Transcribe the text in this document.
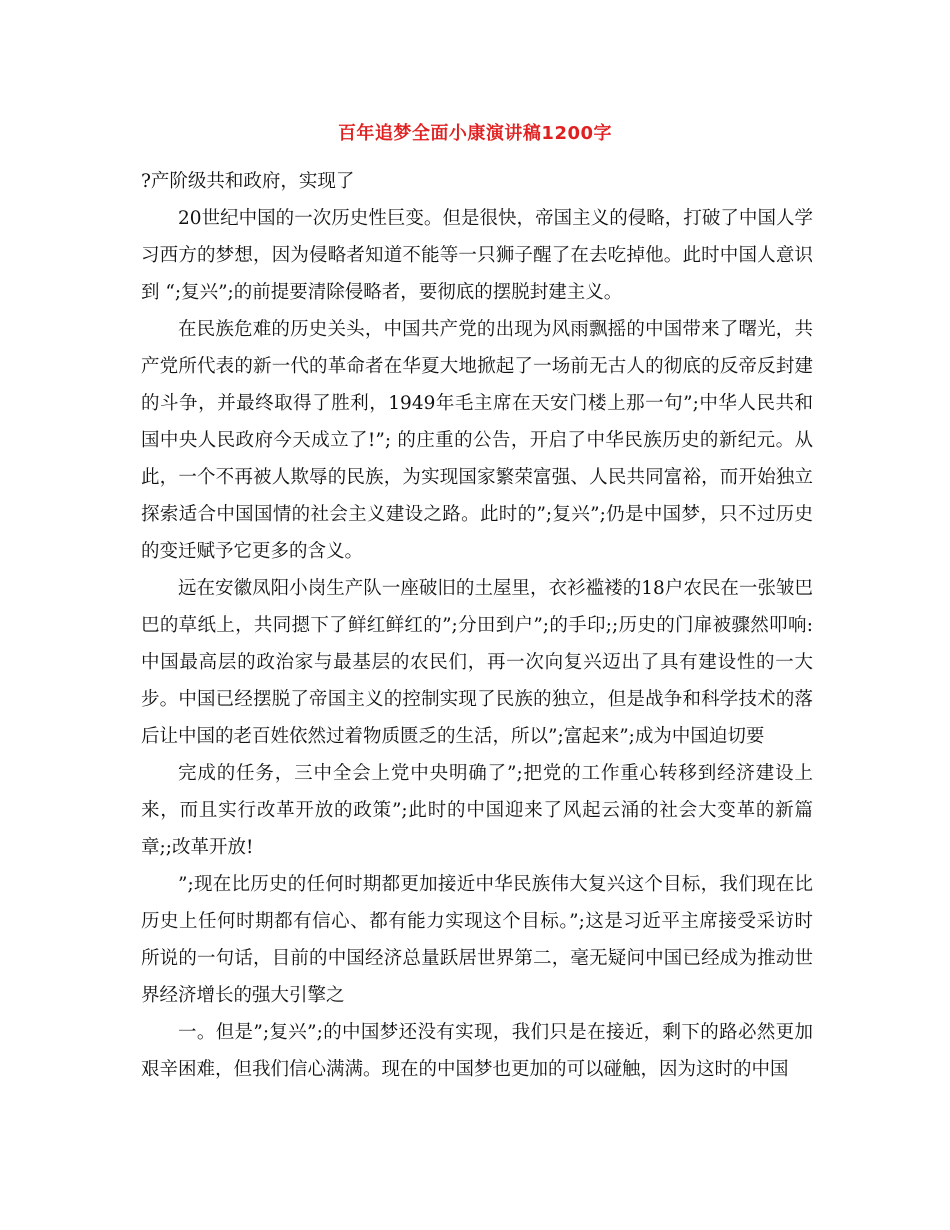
百年追梦全面小康演讲稿1200字

?产阶级共和政府，实现了

20世纪中国的一次历史性巨变。但是很快，帝国主义的侵略，打破了中国人学习西方的梦想，因为侵略者知道不能等一只狮子醒了在去吃掉他。此时中国人意识到 “;复兴”;的前提要清除侵略者，要彻底的摆脱封建主义。

在民族危难的历史关头，中国共产党的出现为风雨飘摇的中国带来了曙光，共产党所代表的新一代的革命者在华夏大地掀起了一场前无古人的彻底的反帝反封建的斗争，并最终取得了胜利，1949年毛主席在天安门楼上那一句”;中华人民共和国中央人民政府今天成立了!”; 的庄重的公告，开启了中华民族历史的新纪元。从此，一个不再被人欺辱的民族，为实现国家繁荣富强、人民共同富裕，而开始独立探索适合中国国情的社会主义建设之路。此时的”;复兴”;仍是中国梦，只不过历史的变迁赋予它更多的含义。

远在安徽凤阳小岗生产队一座破旧的土屋里，衣衫褴褛的18户农民在一张皱巴巴的草纸上，共同摁下了鲜红鲜红的”;分田到户”;的手印;;历史的门扉被骤然叩响:中国最高层的政治家与最基层的农民们，再一次向复兴迈出了具有建设性的一大步。中国已经摆脱了帝国主义的控制实现了民族的独立，但是战争和科学技术的落后让中国的老百姓依然过着物质匮乏的生活，所以”;富起来”;成为中国迫切要

完成的任务，三中全会上党中央明确了”;把党的工作重心转移到经济建设上来，而且实行改革开放的政策”;此时的中国迎来了风起云涌的社会大变革的新篇章;;改革开放!

”;现在比历史的任何时期都更加接近中华民族伟大复兴这个目标，我们现在比历史上任何时期都有信心、都有能力实现这个目标。”;这是习近平主席接受采访时所说的一句话，目前的中国经济总量跃居世界第二，毫无疑问中国已经成为推动世界经济增长的强大引擎之

一。但是”;复兴”;的中国梦还没有实现，我们只是在接近，剩下的路必然更加艰辛困难，但我们信心满满。现在的中国梦也更加的可以碰触，因为这时的中国
